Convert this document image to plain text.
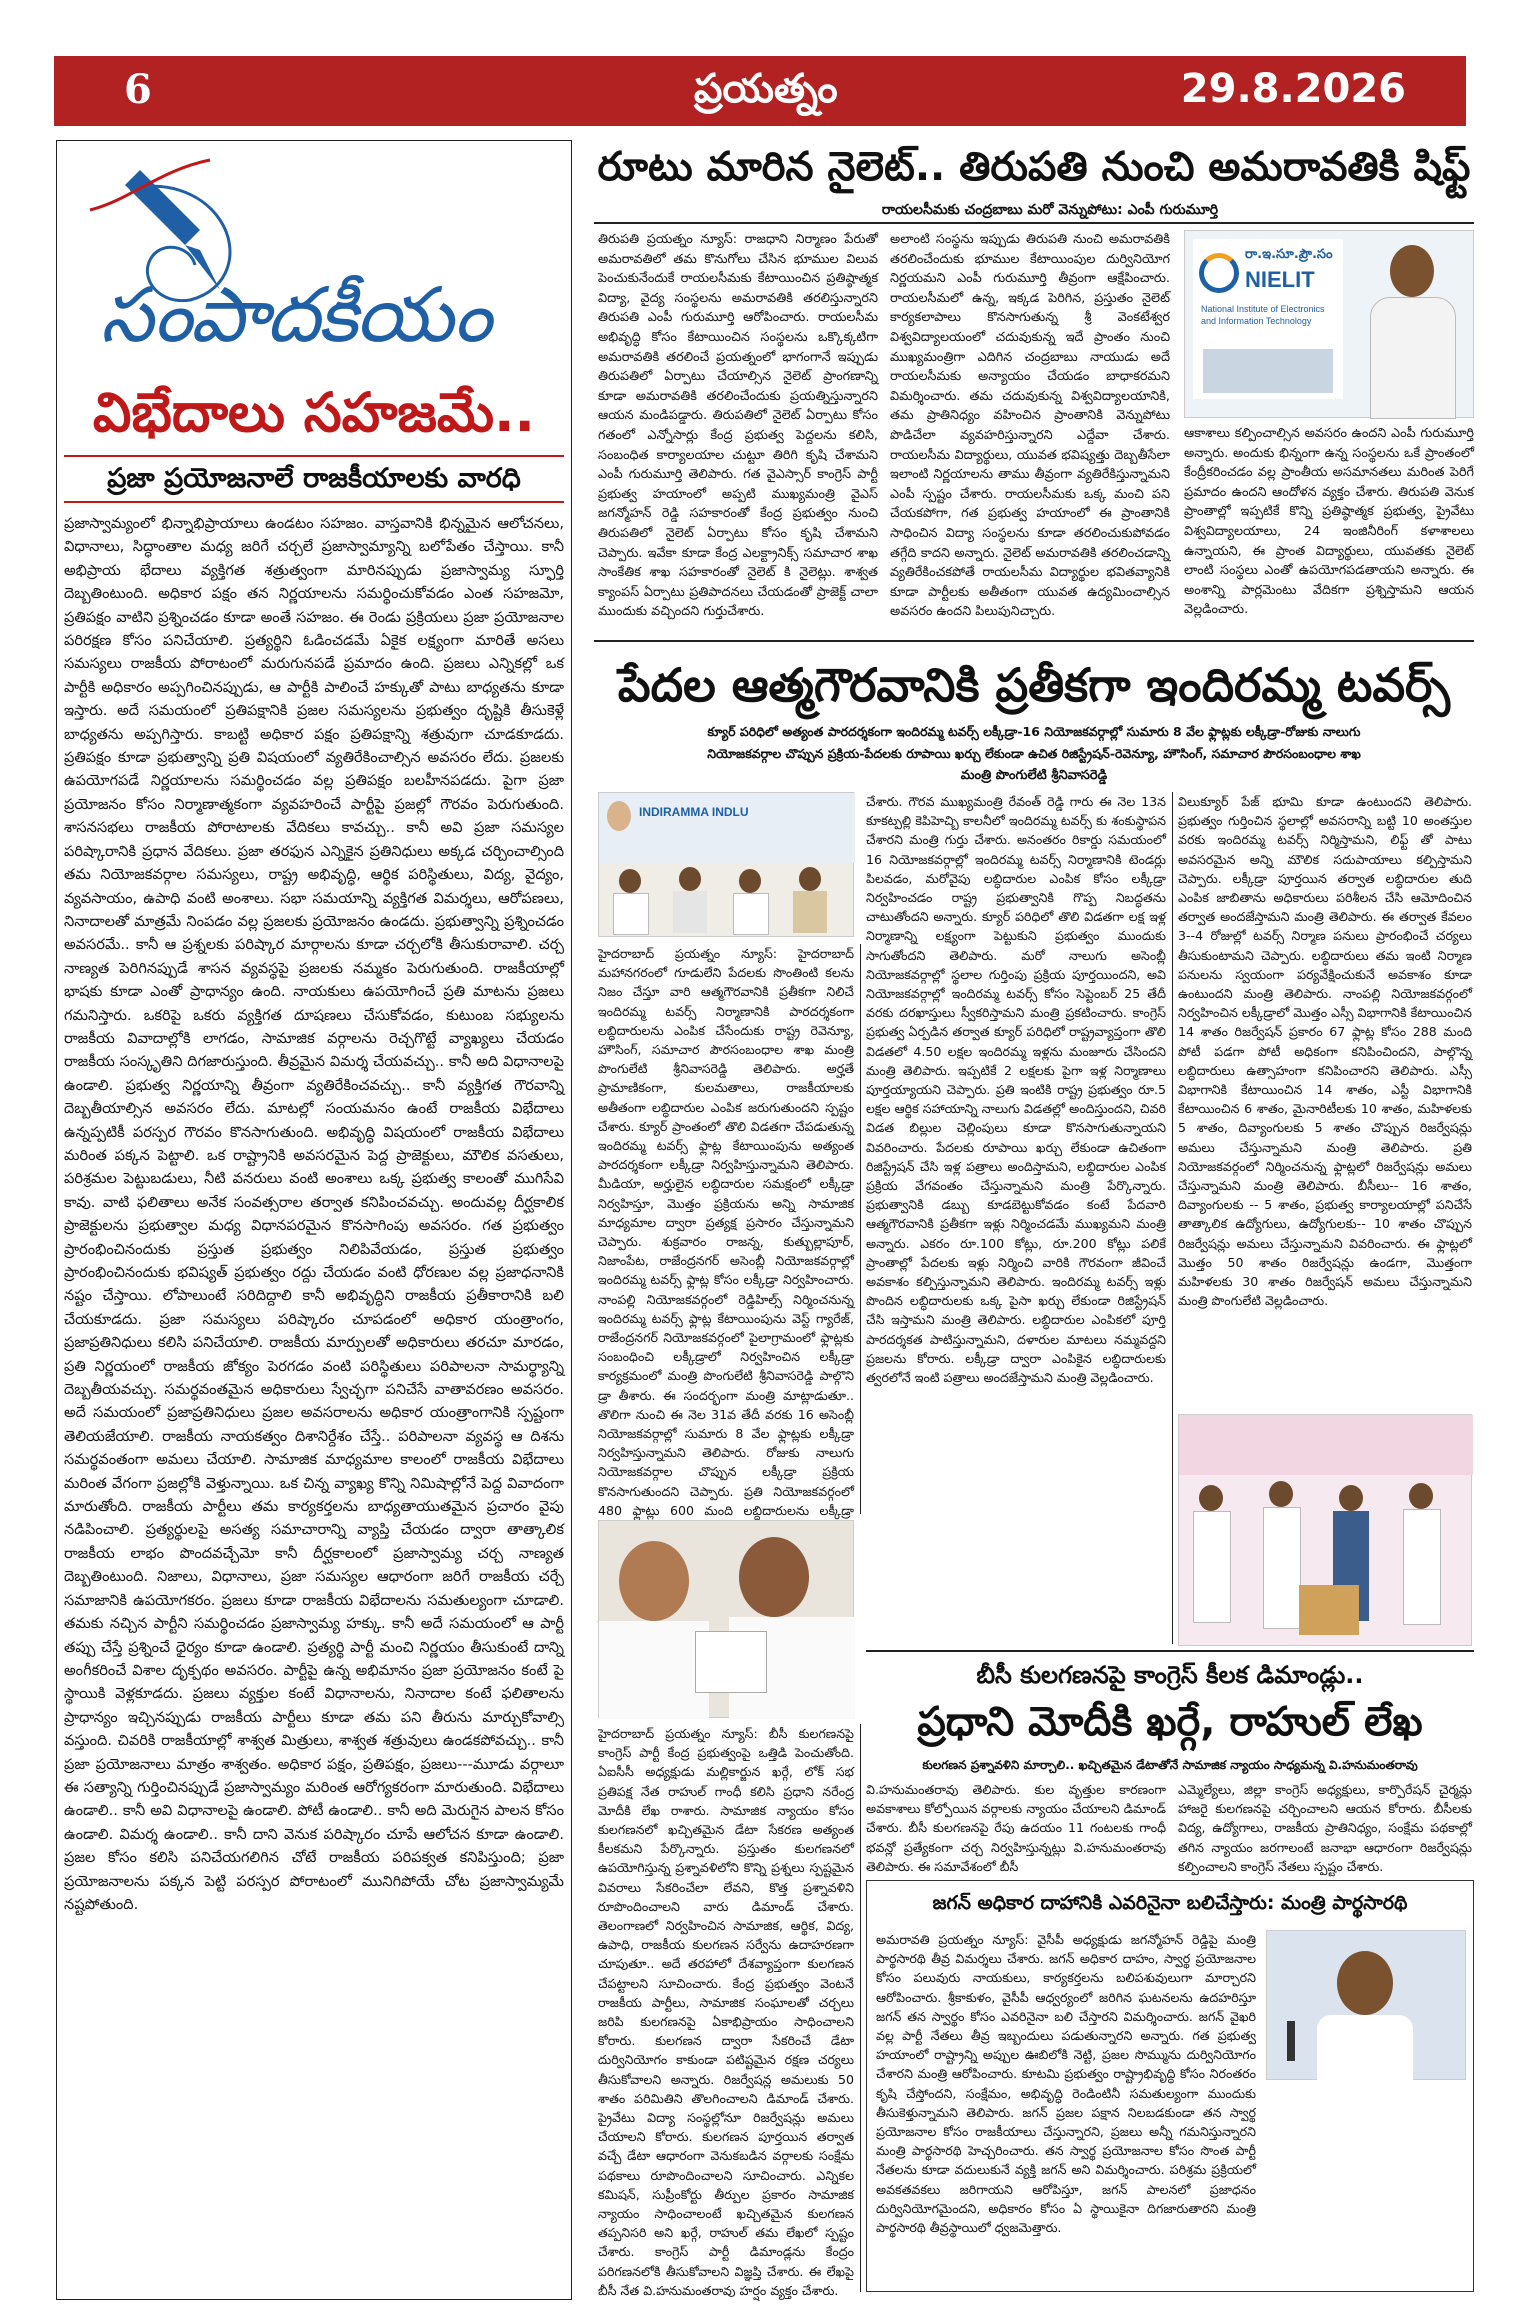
6	ప్రయత్నం	29.8.2026
సంపాదకీయం
విభేదాలు సహజమే..
ప్రజా ప్రయోజనాలే రాజకీయాలకు వారధి

ప్రజాస్వామ్యంలో భిన్నాభిప్రాయాలు ఉండటం సహజం. వాస్తవానికి భిన్నమైన ఆలోచనలు, విధానాలు, సిద్ధాంతాల మధ్య జరిగే చర్చలే ప్రజాస్వామ్యాన్ని బలోపేతం చేస్తాయి. కానీ అభిప్రాయ భేదాలు వ్యక్తిగత శత్రుత్వంగా మారినప్పుడు ప్రజాస్వామ్య స్ఫూర్తి దెబ్బతింటుంది. అధికార పక్షం తన నిర్ణయాలను సమర్థించుకోవడం ఎంత సహజమో, ప్రతిపక్షం వాటిని ప్రశ్నించడం కూడా అంతే సహజం. ఈ రెండు ప్రక్రియలు ప్రజా ప్రయోజనాల పరిరక్షణ కోసం పనిచేయాలి. ప్రత్యర్థిని ఓడించడమే ఏకైక లక్ష్యంగా మారితే అసలు సమస్యలు రాజకీయ పోరాటంలో మరుగునపడే ప్రమాదం ఉంది. ప్రజలు ఎన్నికల్లో ఒక పార్టీకి అధికారం అప్పగించినప్పుడు, ఆ పార్టీకి పాలించే హక్కుతో పాటు బాధ్యతను కూడా ఇస్తారు. అదే సమయంలో ప్రతిపక్షానికి ప్రజల సమస్యలను ప్రభుత్వం దృష్టికి తీసుకెళ్లే బాధ్యతను అప్పగిస్తారు. కాబట్టి అధికార పక్షం ప్రతిపక్షాన్ని శత్రువుగా చూడకూడదు. ప్రతిపక్షం కూడా ప్రభుత్వాన్ని ప్రతి విషయంలో వ్యతిరేకించాల్సిన అవసరం లేదు. ప్రజలకు ఉపయోగపడే నిర్ణయాలను సమర్థించడం వల్ల ప్రతిపక్షం బలహీనపడదు. పైగా ప్రజా ప్రయోజనం కోసం నిర్మాణాత్మకంగా వ్యవహరించే పార్టీపై ప్రజల్లో గౌరవం పెరుగుతుంది. శాసనసభలు రాజకీయ పోరాటాలకు వేదికలు కావచ్చు.. కానీ అవి ప్రజా సమస్యల పరిష్కారానికి ప్రధాన వేదికలు. ప్రజా తరఫున ఎన్నికైన ప్రతినిధులు అక్కడ చర్చించాల్సింది తమ నియోజకవర్గాల సమస్యలు, రాష్ట్ర అభివృద్ధి, ఆర్థిక పరిస్థితులు, విద్య, వైద్యం, వ్యవసాయం, ఉపాధి వంటి అంశాలు. సభా సమయాన్ని వ్యక్తిగత విమర్శలు, ఆరోపణలు, నినాదాలతో మాత్రమే నింపడం వల్ల ప్రజలకు ప్రయోజనం ఉండదు. ప్రభుత్వాన్ని ప్రశ్నించడం అవసరమే.. కానీ ఆ ప్రశ్నలకు పరిష్కార మార్గాలను కూడా చర్చలోకి తీసుకురావాలి. చర్చ నాణ్యత పెరిగినప్పుడే శాసన వ్యవస్థపై ప్రజలకు నమ్మకం పెరుగుతుంది. రాజకీయాల్లో భాషకు కూడా ఎంతో ప్రాధాన్యం ఉంది. నాయకులు ఉపయోగించే ప్రతి మాటను ప్రజలు గమనిస్తారు. ఒకరిపై ఒకరు వ్యక్తిగత దూషణలు చేసుకోవడం, కుటుంబ సభ్యులను రాజకీయ వివాదాల్లోకి లాగడం, సామాజిక వర్గాలను రెచ్చగొట్టే వ్యాఖ్యలు చేయడం రాజకీయ సంస్కృతిని దిగజారుస్తుంది. తీవ్రమైన విమర్శ చేయవచ్చు.. కానీ అది విధానాలపై ఉండాలి. ప్రభుత్వ నిర్ణయాన్ని తీవ్రంగా వ్యతిరేకించవచ్చు.. కానీ వ్యక్తిగత గౌరవాన్ని దెబ్బతీయాల్సిన అవసరం లేదు. మాటల్లో సంయమనం ఉంటే రాజకీయ విభేదాలు ఉన్నప్పటికీ పరస్పర గౌరవం కొనసాగుతుంది. అభివృద్ధి విషయంలో రాజకీయ విభేదాలు మరింత పక్కన పెట్టాలి. ఒక రాష్ట్రానికి అవసరమైన పెద్ద ప్రాజెక్టులు, మౌలిక వసతులు, పరిశ్రమల పెట్టుబడులు, నీటి వనరులు వంటి అంశాలు ఒక్క ప్రభుత్వ కాలంతో ముగిసేవి కావు. వాటి ఫలితాలు అనేక సంవత్సరాల తర్వాత కనిపించవచ్చు. అందువల్ల దీర్ఘకాలిక ప్రాజెక్టులను ప్రభుత్వాల మధ్య విధానపరమైన కొనసాగింపు అవసరం. గత ప్రభుత్వం ప్రారంభించినందుకు ప్రస్తుత ప్రభుత్వం నిలిపివేయడం, ప్రస్తుత ప్రభుత్వం ప్రారంభించినందుకు భవిష్యత్ ప్రభుత్వం రద్దు చేయడం వంటి ధోరణుల వల్ల ప్రజాధనానికి నష్టం చేస్తాయి. లోపాలుంటే సరిదిద్దాలి కానీ అభివృద్ధిని రాజకీయ ప్రతీకారానికి బలి చేయకూడదు. ప్రజా సమస్యలు పరిష్కారం చూపడంలో అధికార యంత్రాంగం, ప్రజాప్రతినిధులు కలిసి పనిచేయాలి. రాజకీయ మార్పులతో అధికారులు తరచూ మారడం, ప్రతి నిర్ణయంలో రాజకీయ జోక్యం పెరగడం వంటి పరిస్థితులు పరిపాలనా సామర్థ్యాన్ని దెబ్బతీయవచ్చు. సమర్థవంతమైన అధికారులు స్వేచ్ఛగా పనిచేసే వాతావరణం అవసరం. అదే సమయంలో ప్రజాప్రతినిధులు ప్రజల అవసరాలను అధికార యంత్రాంగానికి స్పష్టంగా తెలియజేయాలి. రాజకీయ నాయకత్వం దిశానిర్దేశం చేస్తే.. పరిపాలనా వ్యవస్థ ఆ దిశను సమర్థవంతంగా అమలు చేయాలి. సామాజిక మాధ్యమాల కాలంలో రాజకీయ విభేదాలు మరింత వేగంగా ప్రజల్లోకి వెళ్తున్నాయి. ఒక చిన్న వ్యాఖ్య కొన్ని నిమిషాల్లోనే పెద్ద వివాదంగా మారుతోంది. రాజకీయ పార్టీలు తమ కార్యకర్తలను బాధ్యతాయుతమైన ప్రచారం వైపు నడిపించాలి. ప్రత్యర్థులపై అసత్య సమాచారాన్ని వ్యాప్తి చేయడం ద్వారా తాత్కాలిక రాజకీయ లాభం పొందవచ్చేమో కానీ దీర్ఘకాలంలో ప్రజాస్వామ్య చర్చ నాణ్యత దెబ్బతింటుంది. నిజాలు, విధానాలు, ప్రజా సమస్యల ఆధారంగా జరిగే రాజకీయ చర్చే సమాజానికి ఉపయోగకరం. ప్రజలు కూడా రాజకీయ విభేదాలను సమతుల్యంగా చూడాలి. తమకు నచ్చిన పార్టీని సమర్థించడం ప్రజాస్వామ్య హక్కు. కానీ అదే సమయంలో ఆ పార్టీ తప్పు చేస్తే ప్రశ్నించే ధైర్యం కూడా ఉండాలి. ప్రత్యర్థి పార్టీ మంచి నిర్ణయం తీసుకుంటే దాన్ని అంగీకరించే విశాల దృక్పథం అవసరం. పార్టీపై ఉన్న అభిమానం ప్రజా ప్రయోజనం కంటే పై స్థాయికి వెళ్లకూడదు. ప్రజలు వ్యక్తుల కంటే విధానాలను, నినాదాల కంటే ఫలితాలను ప్రాధాన్యం ఇచ్చినప్పుడు రాజకీయ పార్టీలు కూడా తమ పని తీరును మార్చుకోవాల్సి వస్తుంది. చివరికి రాజకీయాల్లో శాశ్వత మిత్రులు, శాశ్వత శత్రువులు ఉండకపోవచ్చు.. కానీ ప్రజా ప్రయోజనాలు మాత్రం శాశ్వతం. అధికార పక్షం, ప్రతిపక్షం, ప్రజలు---మూడు వర్గాలూ ఈ సత్యాన్ని గుర్తించినప్పుడే ప్రజాస్వామ్యం మరింత ఆరోగ్యకరంగా మారుతుంది. విభేదాలు ఉండాలి.. కానీ అవి విధానాలపై ఉండాలి. పోటీ ఉండాలి.. కానీ అది మెరుగైన పాలన కోసం ఉండాలి. విమర్శ ఉండాలి.. కానీ దాని వెనుక పరిష్కారం చూపే ఆలోచన కూడా ఉండాలి. ప్రజల కోసం కలిసి పనిచేయగలిగిన చోటే రాజకీయ పరిపక్వత కనిపిస్తుంది; ప్రజా ప్రయోజనాలను పక్కన పెట్టి పరస్పర పోరాటంలో మునిగిపోయే చోట ప్రజాస్వామ్యమే నష్టపోతుంది.

రూటు మారిన నైలెట్.. తిరుపతి నుంచి అమరావతికి షిఫ్ట్
రాయలసీమకు చంద్రబాబు మరో వెన్నుపోటు: ఎంపీ గురుమూర్తి

తిరుపతి ప్రయత్నం న్యూస్: రాజధాని నిర్మాణం పేరుతో అమరావతిలో తమ కొనుగోలు చేసిన భూముల విలువ పెంచుకునేందుకే రాయలసీమకు కేటాయించిన ప్రతిష్ఠాత్మక విద్యా, వైద్య సంస్థలను అమరావతికి తరలిస్తున్నారని తిరుపతి ఎంపీ గురుమూర్తి ఆరోపించారు. రాయలసీమ అభివృద్ధి కోసం కేటాయించిన సంస్థలను ఒక్కొక్కటిగా అమరావతికి తరలించే ప్రయత్నంలో భాగంగానే ఇప్పుడు తిరుపతిలో ఏర్పాటు చేయాల్సిన నైలెట్ ప్రాంగణాన్ని కూడా అమరావతికి తరలించేందుకు ప్రయత్నిస్తున్నారని ఆయన మండిపడ్డారు. తిరుపతిలో నైలెట్ ఏర్పాటు కోసం గతంలో ఎన్నోసార్లు కేంద్ర ప్రభుత్వ పెద్దలను కలిసి, సంబంధిత కార్యాలయాల చుట్టూ తిరిగి కృషి చేశామని ఎంపీ గురుమూర్తి తెలిపారు. గత వైఎస్సార్ కాంగ్రెస్ పార్టీ ప్రభుత్వ హయాంలో అప్పటి ముఖ్యమంత్రి వైఎస్ జగన్మోహన్ రెడ్డి సహకారంతో కేంద్ర ప్రభుత్వం నుంచి తిరుపతిలో నైలెట్ ఏర్పాటు కోసం కృషి చేశామని చెప్పారు. ఇవేకా కూడా కేంద్ర ఎలక్ట్రానిక్స్ సమాచార శాఖ సాంకేతిక శాఖ సహకారంతో నైలెట్ కి నైలెట్లు. శాశ్వత క్యాంపస్ ఏర్పాటు ప్రతిపాదనలు చేయడంతో ప్రాజెక్ట్ చాలా ముందుకు వచ్చిందని గుర్తుచేశారు.

అలాంటి సంస్థను ఇప్పుడు తిరుపతి నుంచి అమరావతికి తరలించేందుకు భూముల కేటాయింపుల దుర్వినియోగ నిర్ణయమని ఎంపీ గురుమూర్తి తీవ్రంగా ఆక్షేపించారు. రాయలసీమలో ఉన్న, ఇక్కడ పెరిగిన, ప్రస్తుతం నైలెట్ కార్యకలాపాలు కొనసాగుతున్న శ్రీ వెంకటేశ్వర విశ్వవిద్యాలయంలో చదువుకున్న ఇదే ప్రాంతం నుంచి ముఖ్యమంత్రిగా ఎదిగిన చంద్రబాబు నాయుడు అదే రాయలసీమకు అన్యాయం చేయడం బాధాకరమని విమర్శించారు. తమ చదువుకున్న విశ్వవిద్యాలయానికి, తమ ప్రాతినిధ్యం వహించిన ప్రాంతానికి వెన్నుపోటు పొడిచేలా వ్యవహరిస్తున్నారని ఎద్దేవా చేశారు. రాయలసీమ విద్యార్థులు, యువత భవిష్యత్తు దెబ్బతీసేలా ఇలాంటి నిర్ణయాలను తాము తీవ్రంగా వ్యతిరేకిస్తున్నామని ఎంపీ స్పష్టం చేశారు. రాయలసీమకు ఒక్క మంచి పని చేయకపోగా, గత ప్రభుత్వ హయాంలో ఈ ప్రాంతానికి సాధించిన విద్యా సంస్థలను కూడా తరలించుకుపోవడం తగ్గేది కాదని అన్నారు. నైలెట్ అమరావతికి తరలించడాన్ని వ్యతిరేకించకపోతే రాయలసీమ విద్యార్థుల భవితవ్యానికి కూడా పార్టీలకు అతీతంగా యువత ఉద్యమించాల్సిన అవసరం ఉందని పిలుపునిచ్చారు.

రా.ఇ.సూ.ప్రౌ.సం
NIELIT
National Institute of Electronics and Information Technology

ఆకాశాలు కల్పించాల్సిన అవసరం ఉందని ఎంపీ గురుమూర్తి అన్నారు. అందుకు భిన్నంగా ఉన్న సంస్థలను ఒకే ప్రాంతంలో కేంద్రీకరించడం వల్ల ప్రాంతీయ అసమానతలు మరింత పెరిగే ప్రమాదం ఉందని ఆందోళన వ్యక్తం చేశారు. తిరుపతి వెనుక ప్రాంతాల్లో ఇప్పటికే కొన్ని ప్రతిష్ఠాత్మక ప్రభుత్వ, ప్రైవేటు విశ్వవిద్యాలయాలు, 24 ఇంజినీరింగ్ కళాశాలలు ఉన్నాయని, ఈ ప్రాంత విద్యార్థులు, యువతకు నైలెట్ లాంటి సంస్థలు ఎంతో ఉపయోగపడతాయని అన్నారు. ఈ అంశాన్ని పార్లమెంటు వేదికగా ప్రశ్నిస్తామని ఆయన వెల్లడించారు.

పేదల ఆత్మగౌరవానికి ప్రతీకగా ఇందిరమ్మ టవర్స్
క్యూర్ పరిధిలో అత్యంత పారదర్శకంగా ఇందిరమ్మ టవర్స్ లక్కీడ్రా-16 నియోజకవర్గాల్లో సుమారు 8 వేల ఫ్లాట్లకు లక్కీడ్రా-రోజుకు నాలుగు
నియోజకవర్గాల చొప్పున ప్రక్రియ-పేదలకు రూపాయి ఖర్చు లేకుండా ఉచిత రిజిస్ట్రేషన్-రెవెన్యూ, హౌసింగ్, సమాచార పౌరసంబంధాల శాఖ
మంత్రి పొంగులేటి శ్రీనివాసరెడ్డి
INDIRAMMA INDLU

హైదరాబాద్ ప్రయత్నం న్యూస్: హైదరాబాద్ మహానగరంలో గూడులేని పేదలకు సొంతింటి కలను నిజం చేస్తూ వారి ఆత్మగౌరవానికి ప్రతీకగా నిలిచే ఇందిరమ్మ టవర్స్ నిర్మాణానికి పారదర్శకంగా లబ్ధిదారులను ఎంపిక చేసేందుకు రాష్ట్ర రెవెన్యూ, హౌసింగ్, సమాచార పౌరసంబంధాల శాఖ మంత్రి పొంగులేటి శ్రీనివాసరెడ్డి తెలిపారు. అర్హతే ప్రామాణికంగా, కులమతాలు, రాజకీయాలకు అతీతంగా లబ్ధిదారుల ఎంపిక జరుగుతుందని స్పష్టం చేశారు. క్యూర్ ప్రాంతంలో తొలి విడతగా చేపడుతున్న ఇందిరమ్మ టవర్స్ ఫ్లాట్ల కేటాయింపును అత్యంత పారదర్శకంగా లక్కీడ్రా నిర్వహిస్తున్నామని తెలిపారు. మీడియా, అర్హులైన లబ్ధిదారుల సమక్షంలో లక్కీడ్రా నిర్వహిస్తూ, మొత్తం ప్రక్రియను అన్ని సామాజిక మాధ్యమాల ద్వారా ప్రత్యక్ష ప్రసారం చేస్తున్నామని చెప్పారు. శుక్రవారం రాజన్న, కుత్బుల్లాపూర్, నిజాంపేట, రాజేంద్రనగర్ అసెంబ్లీ నియోజకవర్గాల్లో ఇందిరమ్మ టవర్స్ ఫ్లాట్ల కోసం లక్కీడ్రా నిర్వహించారు. నాంపల్లి నియోజకవర్గంలో రెడ్డిహిల్స్ నిర్మించనున్న ఇందిరమ్మ టవర్స్ ఫ్లాట్ల కేటాయింపును వెస్ట్ గ్యారేజ్, రాజేంద్రనగర్ నియోజకవర్గంలో పైలాగ్రామంలో ఫ్లాట్లకు సంబంధించి లక్కీడ్రాలో నిర్వహించిన లక్కీడ్రా కార్యక్రమంలో మంత్రి పొంగులేటి శ్రీనివాసరెడ్డి పాల్గొని డ్రా తీశారు. ఈ సందర్భంగా మంత్రి మాట్లాడుతూ.. తొలిగా నుంచి ఈ నెల 31వ తేదీ వరకు 16 అసెంబ్లీ నియోజకవర్గాల్లో సుమారు 8 వేల ఫ్లాట్లకు లక్కీడ్రా నిర్వహిస్తున్నామని తెలిపారు. రోజుకు నాలుగు నియోజకవర్గాల చొప్పున లక్కీడ్రా ప్రక్రియ కొనసాగుతుందని చెప్పారు. ప్రతి నియోజకవర్గంలో 480 ఫ్లాట్లు 600 మంది లబ్ధిదారులను లక్కీడ్రా

చేశారు. గౌరవ ముఖ్యమంత్రి రేవంత్ రెడ్డి గారు ఈ నెల 13న కూకట్పల్లి కెపిహెచ్బి కాలనీలో ఇందిరమ్మ టవర్స్ కు శంకుస్థాపన చేశారని మంత్రి గుర్తు చేశారు. అనంతరం రికార్డు సమయంలో 16 నియోజకవర్గాల్లో ఇందిరమ్మ టవర్స్ నిర్మాణానికి టెండర్లు పిలవడం, మరోవైపు లబ్ధిదారుల ఎంపిక కోసం లక్కీడ్రా నిర్వహించడం రాష్ట్ర ప్రభుత్వానికి గొప్ప నిబద్ధతను చాటుతోందని అన్నారు. క్యూర్ పరిధిలో తొలి విడతగా లక్ష ఇళ్ల నిర్మాణాన్ని లక్ష్యంగా పెట్టుకుని ప్రభుత్వం ముందుకు సాగుతోందని తెలిపారు. మరో నాలుగు అసెంబ్లీ నియోజకవర్గాల్లో స్థలాల గుర్తింపు ప్రక్రియ పూర్తయిందని, అవి నియోజకవర్గాల్లో ఇందిరమ్మ టవర్స్ కోసం సెప్టెంబర్ 25 తేదీ వరకు దరఖాస్తులు స్వీకరిస్తామని మంత్రి ప్రకటించారు. కాంగ్రెస్ ప్రభుత్వ ఏర్పడిన తర్వాత క్యూర్ పరిధిలో రాష్ట్రవ్యాప్తంగా తొలి విడతలో 4.50 లక్షల ఇందిరమ్మ ఇళ్లను మంజూరు చేసిందని మంత్రి తెలిపారు. ఇప్పటికే 2 లక్షలకు పైగా ఇళ్ల నిర్మాణాలు పూర్తయ్యాయని చెప్పారు. ప్రతి ఇంటికి రాష్ట్ర ప్రభుత్వం రూ.5 లక్షల ఆర్థిక సహాయాన్ని నాలుగు విడతల్లో అందిస్తుందని, చివరి విడత బిల్లుల చెల్లింపులు కూడా కొనసాగుతున్నాయని వివరించారు. పేదలకు రూపాయి ఖర్చు లేకుండా ఉచితంగా రిజిస్ట్రేషన్ చేసి ఇళ్ల పత్రాలు అందిస్తామని, లబ్ధిదారుల ఎంపిక ప్రక్రియ వేగవంతం చేస్తున్నామని మంత్రి పేర్కొన్నారు. ప్రభుత్వానికి డబ్బు కూడబెట్టుకోవడం కంటే పేదవారి ఆత్మగౌరవానికి ప్రతీకగా ఇళ్లు నిర్మించడమే ముఖ్యమని మంత్రి అన్నారు. ఎకరం రూ.100 కోట్లు, రూ.200 కోట్లు పలికే ప్రాంతాల్లో పేదలకు ఇళ్లు నిర్మించి వారికి గౌరవంగా జీవించే అవకాశం కల్పిస్తున్నామని తెలిపారు. ఇందిరమ్మ టవర్స్ ఇళ్లు పొందిన లబ్ధిదారులకు ఒక్క పైసా ఖర్చు లేకుండా రిజిస్ట్రేషన్ చేసి ఇస్తామని మంత్రి తెలిపారు. లబ్ధిదారుల ఎంపికలో పూర్తి పారదర్శకత పాటిస్తున్నామని, దళారుల మాటలు నమ్మవద్దని ప్రజలను కోరారు. లక్కీడ్రా ద్వారా ఎంపికైన లబ్ధిదారులకు త్వరలోనే ఇంటి పత్రాలు అందజేస్తామని మంత్రి వెల్లడించారు.

విలుక్యూర్ పేజ్ భూమి కూడా ఉంటుందని తెలిపారు. ప్రభుత్వం గుర్తించిన స్థలాల్లో అవసరాన్ని బట్టి 10 అంతస్తుల వరకు ఇందిరమ్మ టవర్స్ నిర్మిస్తామని, లిఫ్ట్ తో పాటు అవసరమైన అన్ని మౌలిక సదుపాయాలు కల్పిస్తామని చెప్పారు. లక్కీడ్రా పూర్తయిన తర్వాత లబ్ధిదారుల తుది ఎంపిక జాబితాను అధికారులు పరిశీలన చేసి ఆమోదించిన తర్వాత అందజేస్తామని మంత్రి తెలిపారు. ఈ తర్వాత కేవలం 3--4 రోజుల్లో టవర్స్ నిర్మాణ పనులు ప్రారంభించే చర్యలు తీసుకుంటామని చెప్పారు. లబ్ధిదారులు తమ ఇంటి నిర్మాణ పనులను స్వయంగా పర్యవేక్షించుకునే అవకాశం కూడా ఉంటుందని మంత్రి తెలిపారు. నాంపల్లి నియోజకవర్గంలో నిర్వహించిన లక్కీడ్రాలో మొత్తం ఎస్సీ విభాగానికి కేటాయించిన 14 శాతం రిజర్వేషన్ ప్రకారం 67 ఫ్లాట్ల కోసం 288 మంది పోటీ పడగా పోటీ అధికంగా కనిపించిందని, పాల్గొన్న లబ్ధిదారులు ఉత్సాహంగా కనిపించారని తెలిపారు. ఎస్సీ విభాగానికి కేటాయించిన 14 శాతం, ఎస్టీ విభాగానికి కేటాయించిన 6 శాతం, మైనారిటీలకు 10 శాతం, మహిళలకు 5 శాతం, దివ్యాంగులకు 5 శాతం చొప్పున రిజర్వేషన్లు అమలు చేస్తున్నామని మంత్రి తెలిపారు. ప్రతి నియోజకవర్గంలో నిర్మించనున్న ఫ్లాట్లలో రిజర్వేషన్లు అమలు చేస్తున్నామని మంత్రి తెలిపారు. బీసీలు-- 16 శాతం, దివ్యాంగులకు -- 5 శాతం, ప్రభుత్వ కార్యాలయాల్లో పనిచేసే తాత్కాలిక ఉద్యోగులు, ఉద్యోగులకు-- 10 శాతం చొప్పున రిజర్వేషన్లు అమలు చేస్తున్నామని వివరించారు. ఈ ఫ్లాట్లలో మొత్తం 50 శాతం రిజర్వేషన్లు ఉండగా, మొత్తంగా మహిళలకు 30 శాతం రిజర్వేషన్ అమలు చేస్తున్నామని మంత్రి పొంగులేటి వెల్లడించారు.

బీసీ కులగణనపై కాంగ్రెస్ కీలక డిమాండ్లు..
ప్రధాని మోదీకి ఖర్గే, రాహుల్ లేఖ
కులగణన ప్రశ్నావళిని మార్చాలి.. ఖచ్చితమైన డేటాతోనే సామాజిక న్యాయం సాధ్యమన్న వి.హనుమంతరావు

హైదరాబాద్ ప్రయత్నం న్యూస్: బీసీ కులగణనపై కాంగ్రెస్ పార్టీ కేంద్ర ప్రభుత్వంపై ఒత్తిడి పెంచుతోంది. ఏఐసీసీ అధ్యక్షుడు మల్లికార్జున ఖర్గే, లోక్ సభ ప్రతిపక్ష నేత రాహుల్ గాంధీ కలిసి ప్రధాని నరేంద్ర మోదీకి లేఖ రాశారు. సామాజిక న్యాయం కోసం కులగణనలో ఖచ్చితమైన డేటా సేకరణ అత్యంత కీలకమని పేర్కొన్నారు. ప్రస్తుతం కులగణనలో ఉపయోగిస్తున్న ప్రశ్నావళిలోని కొన్ని ప్రశ్నలు స్పష్టమైన వివరాలు సేకరించేలా లేవని, కొత్త ప్రశ్నావళిని రూపొందించాలని వారు డిమాండ్ చేశారు. తెలంగాణలో నిర్వహించిన సామాజిక, ఆర్థిక, విద్య, ఉపాధి, రాజకీయ కులగణన సర్వేను ఉదాహరణగా చూపుతూ.. అదే తరహాలో దేశవ్యాప్తంగా కులగణన చేపట్టాలని సూచించారు. కేంద్ర ప్రభుత్వం వెంటనే రాజకీయ పార్టీలు, సామాజిక సంఘాలతో చర్చలు జరిపి కులగణనపై ఏకాభిప్రాయం సాధించాలని కోరారు. కులగణన ద్వారా సేకరించే డేటా దుర్వినియోగం కాకుండా పటిష్టమైన రక్షణ చర్యలు తీసుకోవాలని అన్నారు. రిజర్వేషన్ల అమలుకు 50 శాతం పరిమితిని తొలగించాలని డిమాండ్ చేశారు. ప్రైవేటు విద్యా సంస్థల్లోనూ రిజర్వేషన్లు అమలు చేయాలని కోరారు. కులగణన పూర్తయిన తర్వాత వచ్చే డేటా ఆధారంగా వెనుకబడిన వర్గాలకు సంక్షేమ పథకాలు రూపొందించాలని సూచించారు. ఎన్నికల కమిషన్, సుప్రీంకోర్టు తీర్పుల ప్రకారం సామాజిక న్యాయం సాధించాలంటే ఖచ్చితమైన కులగణన తప్పనిసరి అని ఖర్గే, రాహుల్ తమ లేఖలో స్పష్టం చేశారు. కాంగ్రెస్ పార్టీ డిమాండ్లను కేంద్రం పరిగణనలోకి తీసుకోవాలని విజ్ఞప్తి చేశారు. ఈ లేఖపై బీసీ నేత వి.హనుమంతరావు హర్షం వ్యక్తం చేశారు.

వి.హనుమంతరావు తెలిపారు. కుల వృత్తుల కారణంగా అవకాశాలు కోల్పోయిన వర్గాలకు న్యాయం చేయాలని డిమాండ్ చేశారు. బీసీ కులగణనపై రేపు ఉదయం 11 గంటలకు గాంధీ భవన్లో ప్రత్యేకంగా చర్చ నిర్వహిస్తున్నట్లు వి.హనుమంతరావు తెలిపారు. ఈ సమావేశంలో బీసీ

ఎమ్మెల్యేలు, జిల్లా కాంగ్రెస్ అధ్యక్షులు, కార్పొరేషన్ చైర్మన్లు హాజరై కులగణనపై చర్చించాలని ఆయన కోరారు. బీసీలకు విద్య, ఉద్యోగాలు, రాజకీయ ప్రాతినిధ్యం, సంక్షేమ పథకాల్లో తగిన న్యాయం జరగాలంటే జనాభా ఆధారంగా రిజర్వేషన్లు కల్పించాలని కాంగ్రెస్ నేతలు స్పష్టం చేశారు.

జగన్ అధికార దాహానికి ఎవరినైనా బలిచేస్తారు: మంత్రి పార్థసారథి

అమరావతి ప్రయత్నం న్యూస్: వైసీపీ అధ్యక్షుడు జగన్మోహన్ రెడ్డిపై మంత్రి పార్థసారథి తీవ్ర విమర్శలు చేశారు. జగన్ అధికార దాహం, స్వార్థ ప్రయోజనాల కోసం పలువురు నాయకులు, కార్యకర్తలను బలిపశువులుగా మార్చారని ఆరోపించారు. శ్రీకాకుళం, వైసీపీ ఆధ్వర్యంలో జరిగిన ఘటనలను ఉదహరిస్తూ జగన్ తన స్వార్థం కోసం ఎవరినైనా బలి చేస్తారని విమర్శించారు. జగన్ వైఖరి వల్ల పార్టీ నేతలు తీవ్ర ఇబ్బందులు పడుతున్నారని అన్నారు. గత ప్రభుత్వ హయాంలో రాష్ట్రాన్ని అప్పుల ఊబిలోకి నెట్టి, ప్రజల సొమ్మును దుర్వినియోగం చేశారని మంత్రి ఆరోపించారు. కూటమి ప్రభుత్వం రాష్ట్రాభివృద్ధి కోసం నిరంతరం కృషి చేస్తోందని, సంక్షేమం, అభివృద్ధి రెండింటినీ సమతుల్యంగా ముందుకు తీసుకెళ్తున్నామని తెలిపారు. జగన్ ప్రజల పక్షాన నిలబడకుండా తన స్వార్థ ప్రయోజనాల కోసం రాజకీయాలు చేస్తున్నారని, ప్రజలు అన్నీ గమనిస్తున్నారని మంత్రి పార్థసారథి హెచ్చరించారు. తన స్వార్థ ప్రయోజనాల కోసం సొంత పార్టీ నేతలను కూడా వదులుకునే వ్యక్తి జగన్ అని విమర్శించారు. పరిశ్రమ ప్రక్రియలో అవకతవకలు జరిగాయని ఆరోపిస్తూ, జగన్ పాలనలో ప్రజాధనం దుర్వినియోగమైందని, అధికారం కోసం ఏ స్థాయికైనా దిగజారుతారని మంత్రి పార్థసారథి తీవ్రస్థాయిలో ధ్వజమెత్తారు.
